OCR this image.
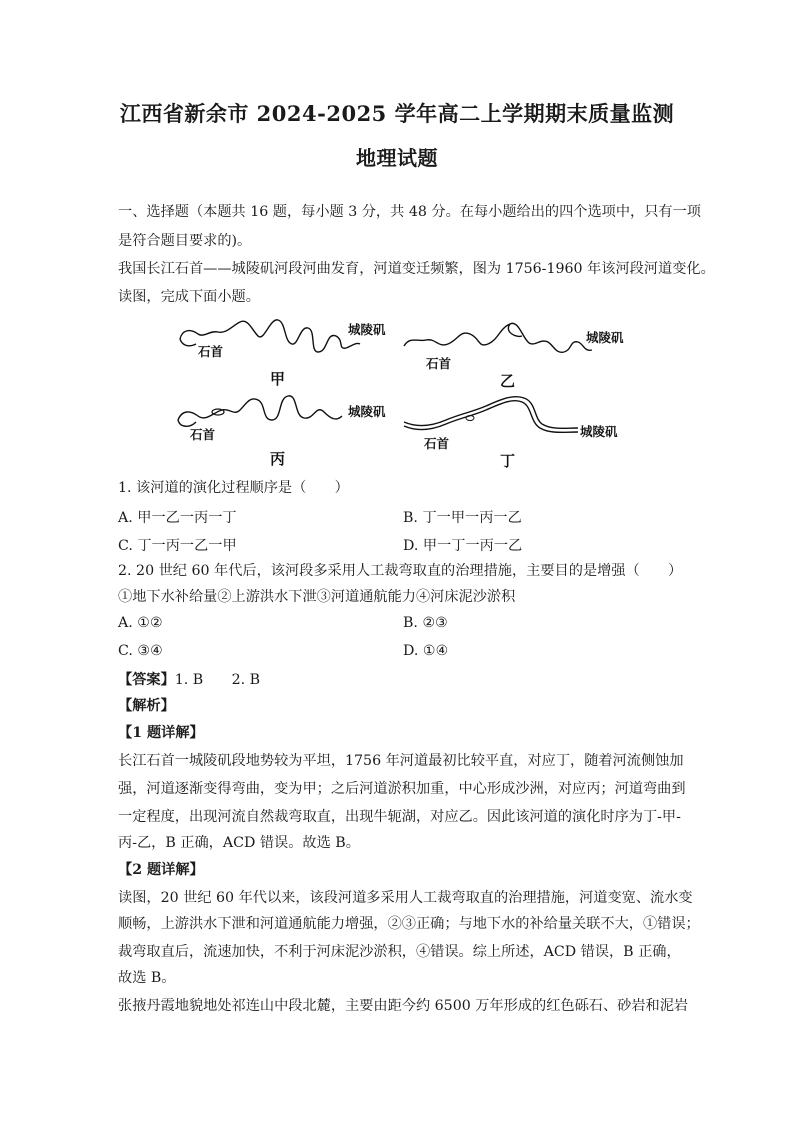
江西省新余市 2024-2025 学年高二上学期期末质量监测
地理试题
一、选择题（本题共 16 题，每小题 3 分，共 48 分。在每小题给出的四个选项中，只有一项
是符合题目要求的)。
我国长江石首——城陵矶河段河曲发育，河道变迁频繁，图为 1756-1960 年该河段河道变化。
读图，完成下面小题。
石首
城陵矶
甲
石首
城陵矶
乙
石首
城陵矶
丙
石首
城陵矶
丁
1. 该河道的演化过程顺序是（　　）
A. 甲一乙一丙一丁	B. 丁一甲一丙一乙
C. 丁一丙一乙一甲	D. 甲一丁一丙一乙
2. 20 世纪 60 年代后，该河段多采用人工裁弯取直的治理措施，主要目的是增强（　　）
①地下水补给量②上游洪水下泄③河道通航能力④河床泥沙淤积
A. ①②	B. ②③
C. ③④	D. ①④
【答案】1. B　　2. B
【解析】
【1 题详解】
长江石首一城陵矶段地势较为平坦，1756 年河道最初比较平直，对应丁，随着河流侧蚀加
强，河道逐渐变得弯曲，变为甲；之后河道淤积加重，中心形成沙洲，对应丙；河道弯曲到
一定程度，出现河流自然裁弯取直，出现牛轭湖，对应乙。因此该河道的演化时序为丁-甲-
丙-乙，B 正确，ACD 错误。故选 B。
【2 题详解】
读图，20 世纪 60 年代以来，该段河道多采用人工裁弯取直的治理措施，河道变宽、流水变
顺畅，上游洪水下泄和河道通航能力增强，②③正确；与地下水的补给量关联不大，①错误；
裁弯取直后，流速加快，不利于河床泥沙淤积，④错误。综上所述，ACD 错误，B 正确，
故选 B。
张掖丹霞地貌地处祁连山中段北麓，主要由距今约 6500 万年形成的红色砾石、砂岩和泥岩
